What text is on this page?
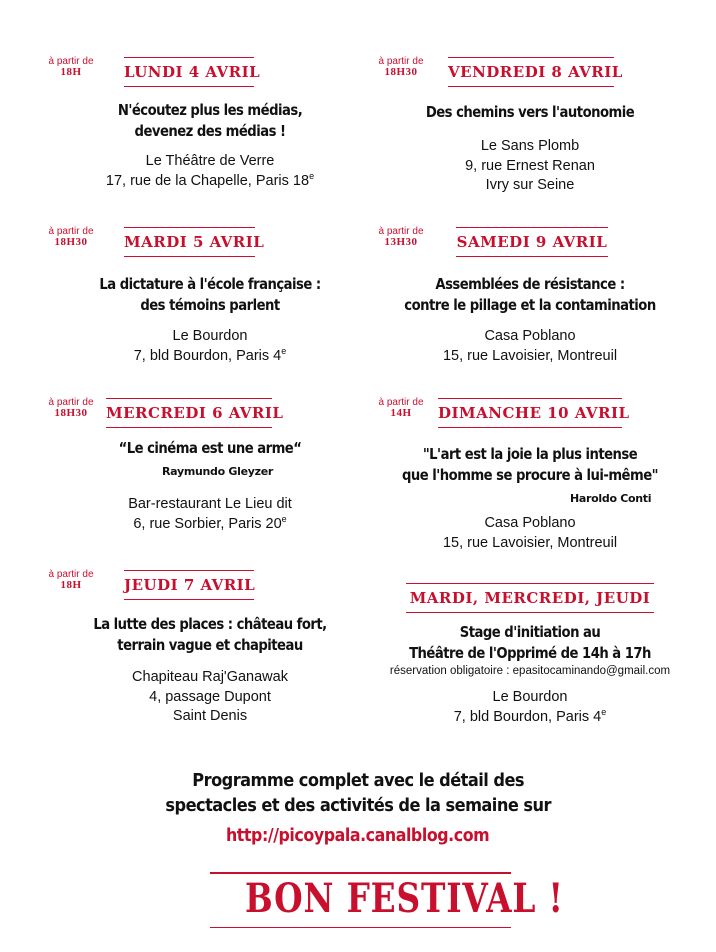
à partir de
18H	LUNDI 4 AVRIL
N'écoutez plus les médias,
devenez des médias !
Le Théâtre de Verre
17, rue de la Chapelle, Paris 18e
à partir de
18H30	MARDI 5 AVRIL
La dictature à l'école française :
des témoins parlent
Le Bourdon
7, bld Bourdon, Paris 4e
à partir de
18H30	MERCREDI 6 AVRIL
“Le cinéma est une arme“
Raymundo Gleyzer
Bar-restaurant Le Lieu dit
6, rue Sorbier, Paris 20e
à partir de
18H	JEUDI 7 AVRIL
La lutte des places : château fort,
terrain vague et chapiteau
Chapiteau Raj'Ganawak
4, passage Dupont
Saint Denis
à partir de
18H30	VENDREDI 8 AVRIL
Des chemins vers l'autonomie
Le Sans Plomb
9, rue Ernest Renan
Ivry sur Seine
à partir de
13H30	SAMEDI 9 AVRIL
Assemblées de résistance :
contre le pillage et la contamination
Casa Poblano
15, rue Lavoisier, Montreuil
à partir de
14H	DIMANCHE 10 AVRIL
"L'art est la joie la plus intense
que l'homme se procure à lui-même"
Haroldo Conti
Casa Poblano
15, rue Lavoisier, Montreuil
MARDI, MERCREDI, JEUDI
Stage d'initiation au
Théâtre de l'Opprimé de 14h à 17h
réservation obligatoire : epasitocaminando@gmail.com
Le Bourdon
7, bld Bourdon, Paris 4e
Programme complet avec le détail des
spectacles et des activités de la semaine sur
http://picoypala.canalblog.com
BON FESTIVAL !
